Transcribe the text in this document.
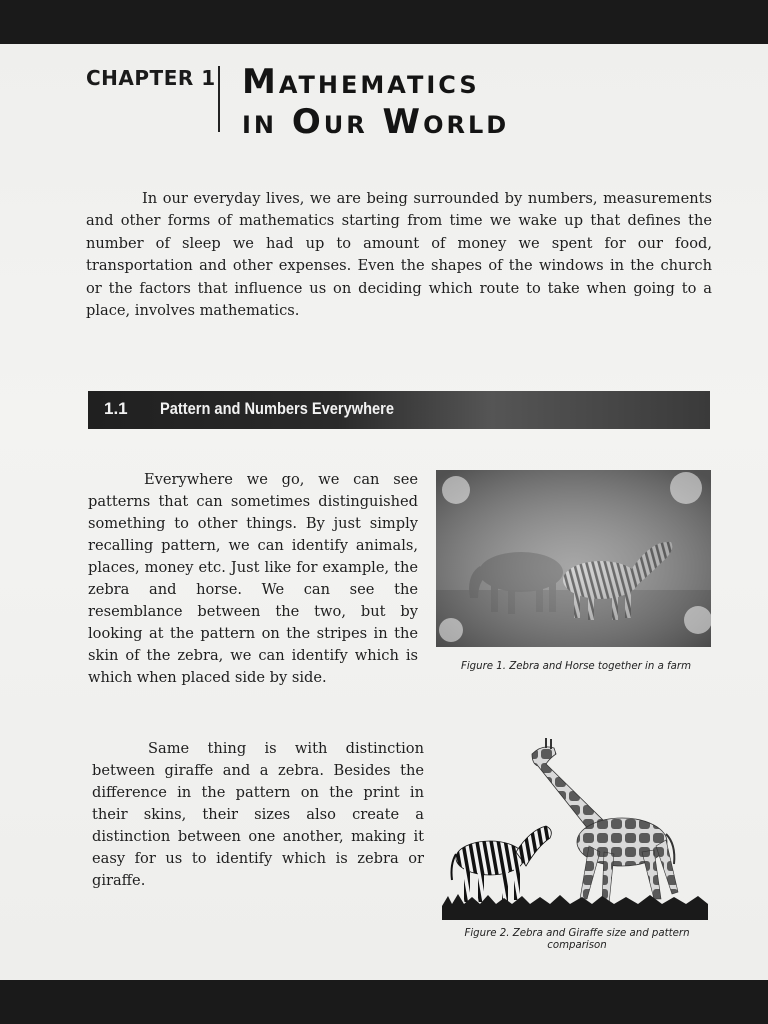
CHAPTER 1 Mathematics
in Our World

In our everyday lives, we are being surrounded by numbers, measurements and other forms of mathematics starting from time we wake up that defines the number of sleep we had up to amount of money we spent for our food, transportation and other expenses. Even the shapes of the windows in the church or the factors that influence us on deciding which route to take when going to a place, involves mathematics.

1.1 Pattern and Numbers Everywhere

Everywhere we go, we can see patterns that can sometimes distinguished something to other things. By just simply recalling pattern, we can identify animals, places, money etc. Just like for example, the zebra and horse. We can see the resemblance between the two, but by looking at the pattern on the stripes in the skin of the zebra, we can identify which is which when placed side by side.

Figure 1. Zebra and Horse together in a farm

Same thing is with distinction between giraffe and a zebra. Besides the difference in the pattern on the print in their skins, their sizes also create a distinction between one another, making it easy for us to identify which is zebra or giraffe.

Figure 2. Zebra and Giraffe size and pattern comparison
